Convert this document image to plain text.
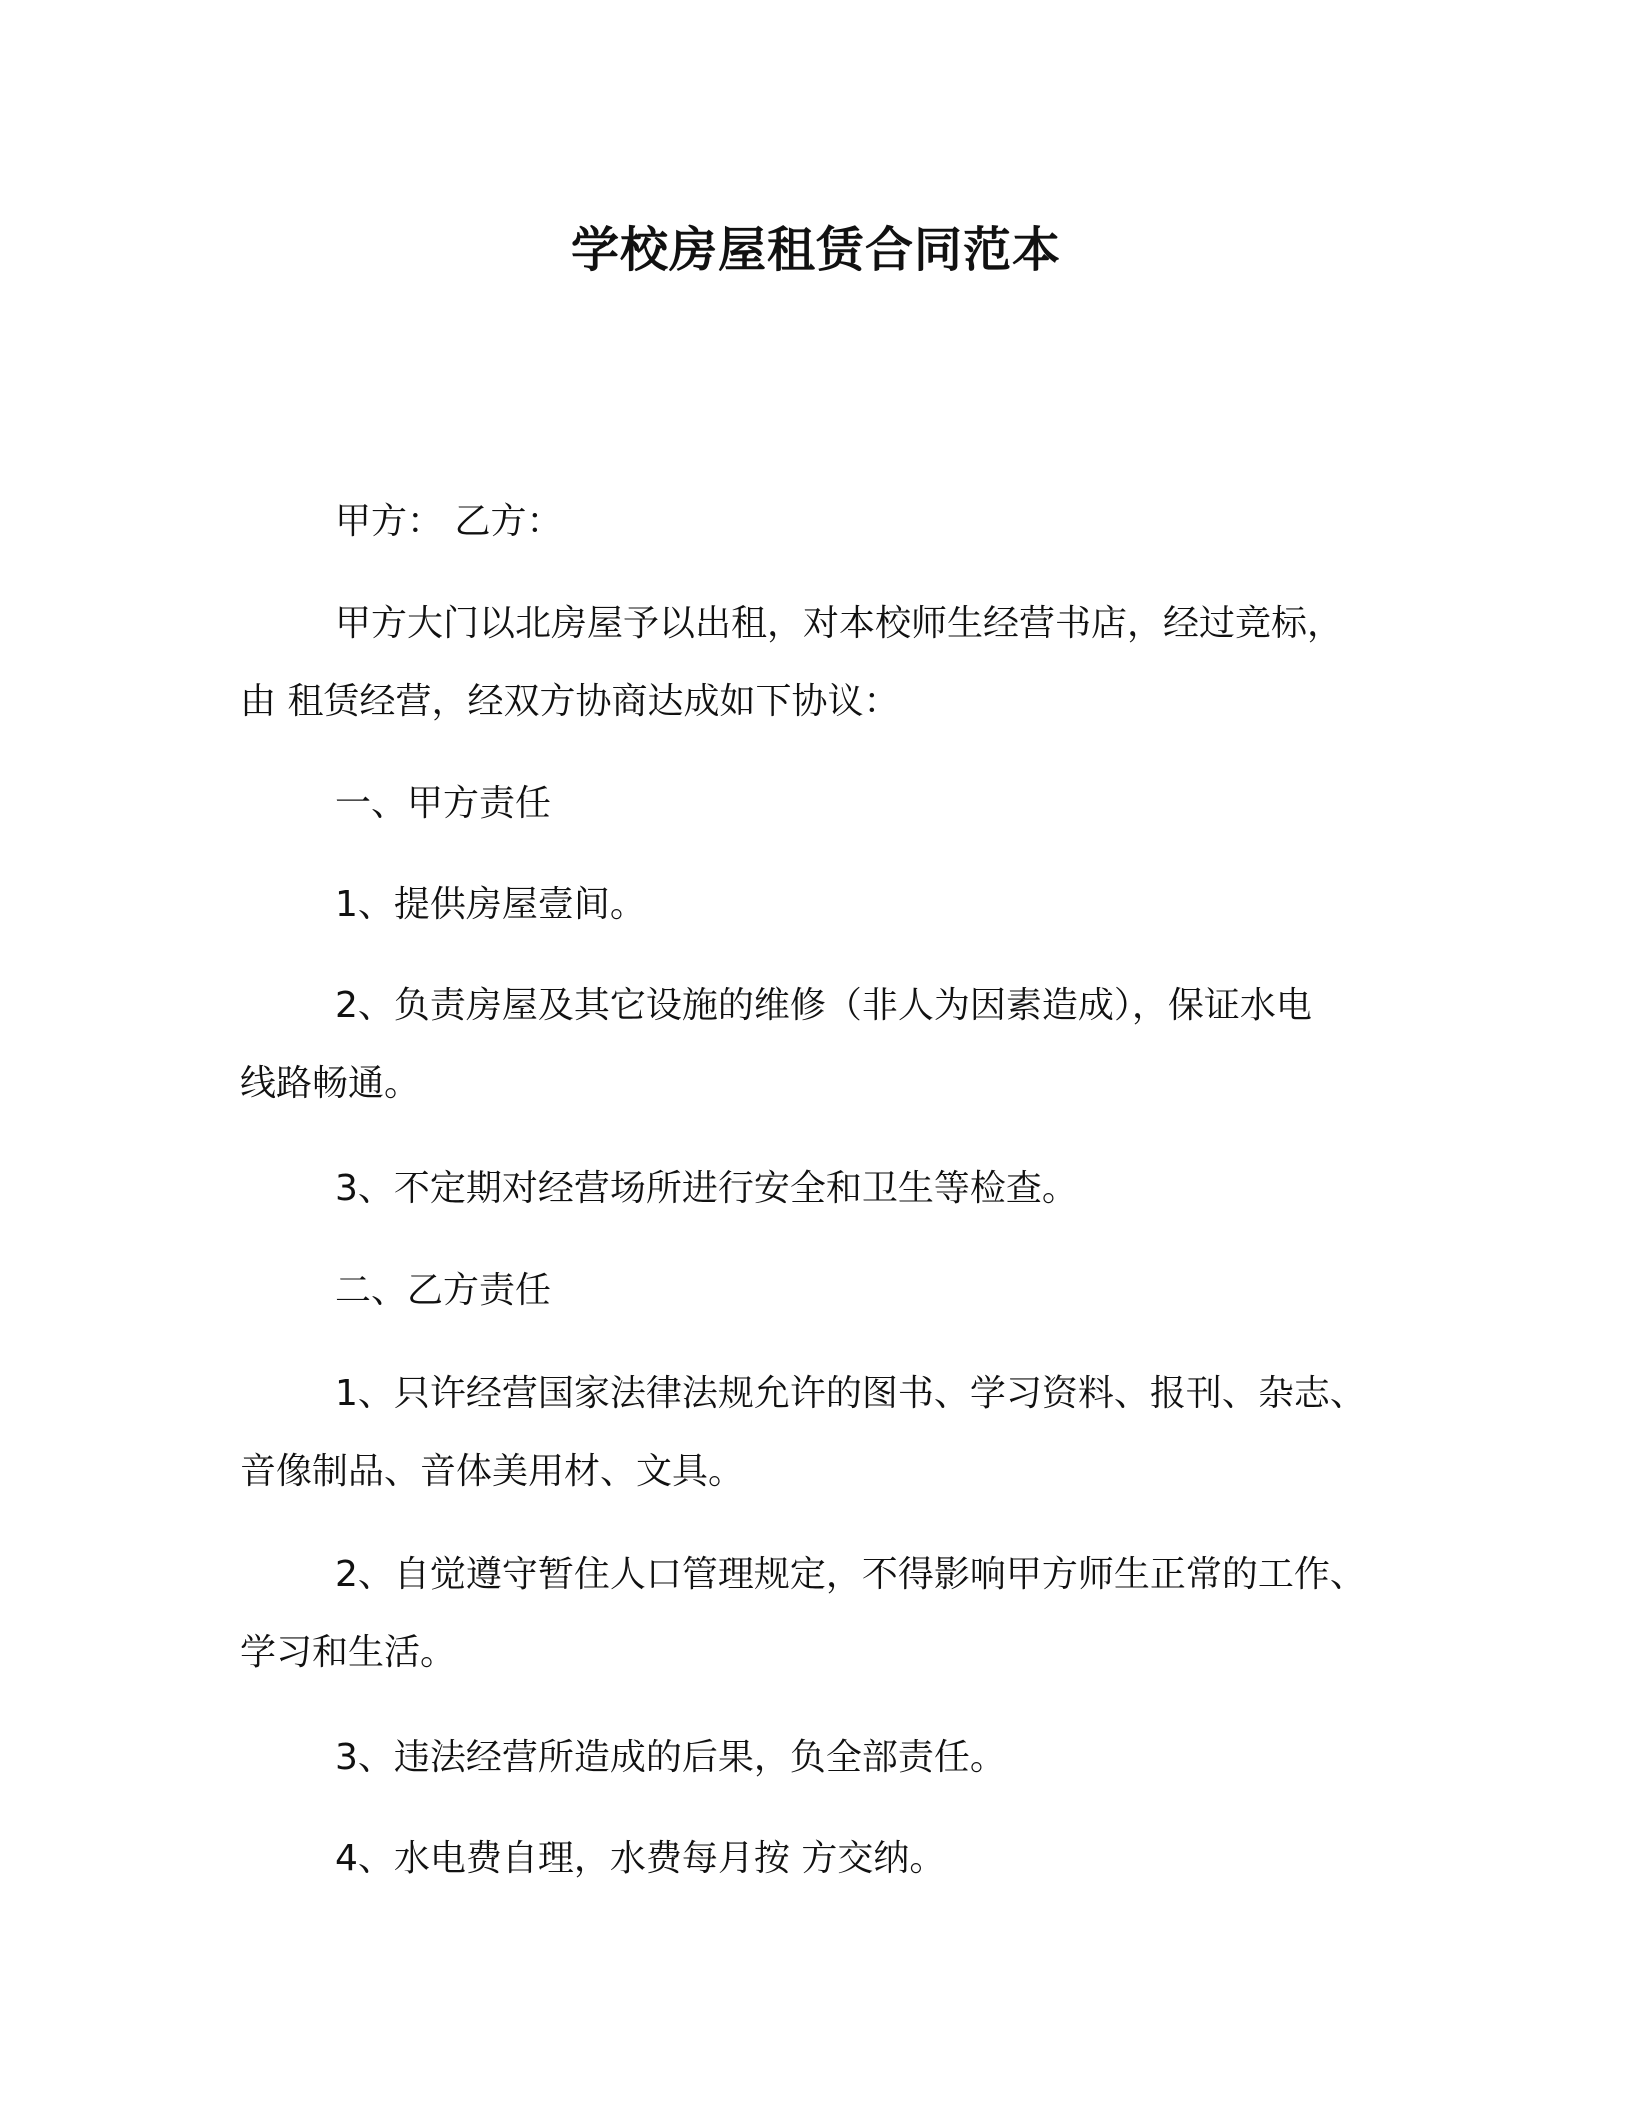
学校房屋租赁合同范本

甲方： 乙方：

甲方大门以北房屋予以出租，对本校师生经营书店，经过竞标，
由 租赁经营，经双方协商达成如下协议：

一、甲方责任

1、提供房屋壹间。

2、负责房屋及其它设施的维修（非人为因素造成），保证水电
线路畅通。

3、不定期对经营场所进行安全和卫生等检查。

二、乙方责任

1、只许经营国家法律法规允许的图书、学习资料、报刊、杂志、
音像制品、音体美用材、文具。
2、自觉遵守暂住人口管理规定，不得影响甲方师生正常的工作、
学习和生活。

3、违法经营所造成的后果，负全部责任。

4、水电费自理，水费每月按 方交纳。
